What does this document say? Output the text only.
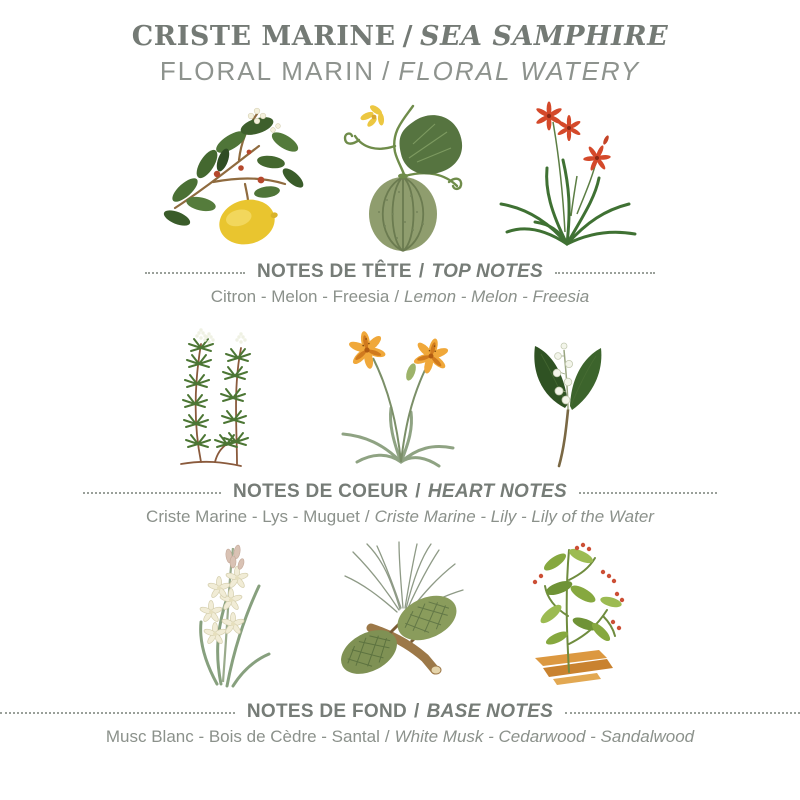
CRISTE MARINE / SEA SAMPHIRE
FLORAL MARIN / FLORAL WATERY
NOTES DE TÊTE / TOP NOTES

Citron - Melon - Freesia / Lemon - Melon - Freesia

NOTES DE COEUR / HEART NOTES

Criste Marine - Lys - Muguet / Criste Marine - Lily - Lily of the Water

NOTES DE FOND / BASE NOTES

Musc Blanc - Bois de Cèdre - Santal / White Musk - Cedarwood - Sandalwood
